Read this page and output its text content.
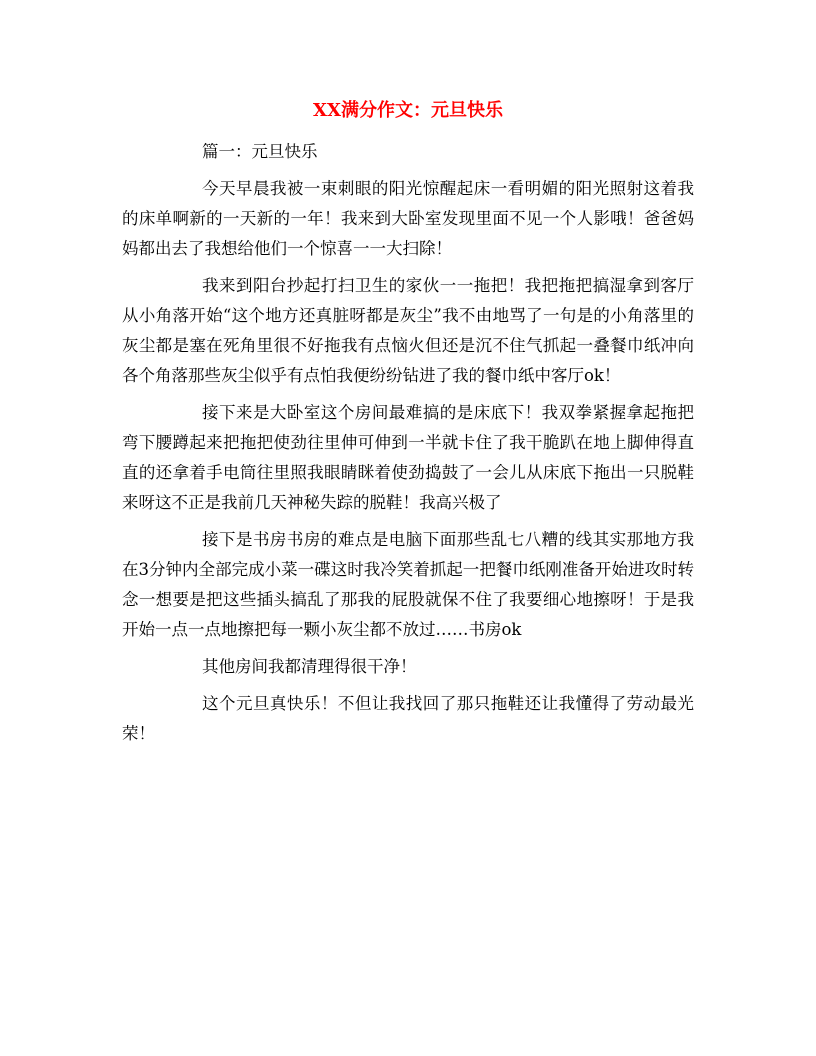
XX满分作文：元旦快乐

篇一：元旦快乐

今天早晨我被一束刺眼的阳光惊醒起床一看明媚的阳光照射这着我的床单啊新的一天新的一年！我来到大卧室发现里面不见一个人影哦！爸爸妈妈都出去了我想给他们一个惊喜一一大扫除！

我来到阳台抄起打扫卫生的家伙一一拖把！我把拖把搞湿拿到客厅从小角落开始“这个地方还真脏呀都是灰尘”我不由地骂了一句是的小角落里的灰尘都是塞在死角里很不好拖我有点恼火但还是沉不住气抓起一叠餐巾纸冲向各个角落那些灰尘似乎有点怕我便纷纷钻进了我的餐巾纸中客厅ok！

接下来是大卧室这个房间最难搞的是床底下！我双拳紧握拿起拖把弯下腰蹲起来把拖把使劲往里伸可伸到一半就卡住了我干脆趴在地上脚伸得直直的还拿着手电筒往里照我眼睛眯着使劲捣鼓了一会儿从床底下拖出一只脱鞋来呀这不正是我前几天神秘失踪的脱鞋！我高兴极了

接下是书房书房的难点是电脑下面那些乱七八糟的线其实那地方我在3分钟内全部完成小菜一碟这时我冷笑着抓起一把餐巾纸刚准备开始进攻时转念一想要是把这些插头搞乱了那我的屁股就保不住了我要细心地擦呀！于是我开始一点一点地擦把每一颗小灰尘都不放过……书房ok

其他房间我都清理得很干净！

这个元旦真快乐！不但让我找回了那只拖鞋还让我懂得了劳动最光荣！
